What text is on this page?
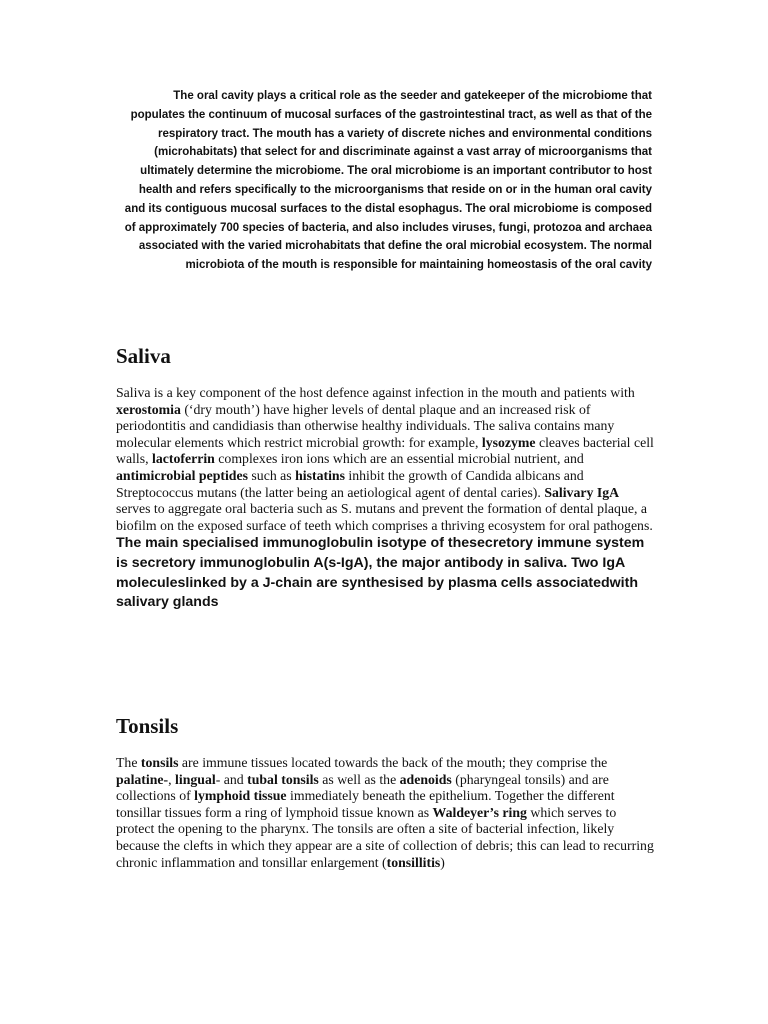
The oral cavity plays a critical role as the seeder and gatekeeper of the microbiome that populates the continuum of mucosal surfaces of the gastrointestinal tract, as well as that of the respiratory tract. The mouth has a variety of discrete niches and environmental conditions (microhabitats) that select for and discriminate against a vast array of microorganisms that ultimately determine the microbiome. The oral microbiome is an important contributor to host health and refers specifically to the microorganisms that reside on or in the human oral cavity and its contiguous mucosal surfaces to the distal esophagus. The oral microbiome is composed of approximately 700 species of bacteria, and also includes viruses, fungi, protozoa and archaea associated with the varied microhabitats that define the oral microbial ecosystem. The normal microbiota of the mouth is responsible for maintaining homeostasis of the oral cavity

Saliva

Saliva is a key component of the host defence against infection in the mouth and patients with xerostomia (‘dry mouth’) have higher levels of dental plaque and an increased risk of periodontitis and candidiasis than otherwise healthy individuals. The saliva contains many molecular elements which restrict microbial growth: for example, lysozyme cleaves bacterial cell walls, lactoferrin complexes iron ions which are an essential microbial nutrient, and antimicrobial peptides such as histatins inhibit the growth of Candida albicans and Streptococcus mutans (the latter being an aetiological agent of dental caries). Salivary IgA serves to aggregate oral bacteria such as S. mutans and prevent the formation of dental plaque, a biofilm on the exposed surface of teeth which comprises a thriving ecosystem for oral pathogens. The main specialised immunoglobulin isotype of thesecretory immune system is secretory immunoglobulin A(s-IgA), the major antibody in saliva. Two IgA moleculeslinked by a J-chain are synthesised by plasma cells associatedwith salivary glands

Tonsils

The tonsils are immune tissues located towards the back of the mouth; they comprise the palatine-, lingual- and tubal tonsils as well as the adenoids (pharyngeal tonsils) and are collections of lymphoid tissue immediately beneath the epithelium. Together the different tonsillar tissues form a ring of lymphoid tissue known as Waldeyer’s ring which serves to protect the opening to the pharynx. The tonsils are often a site of bacterial infection, likely because the clefts in which they appear are a site of collection of debris; this can lead to recurring chronic inflammation and tonsillar enlargement (tonsillitis)
